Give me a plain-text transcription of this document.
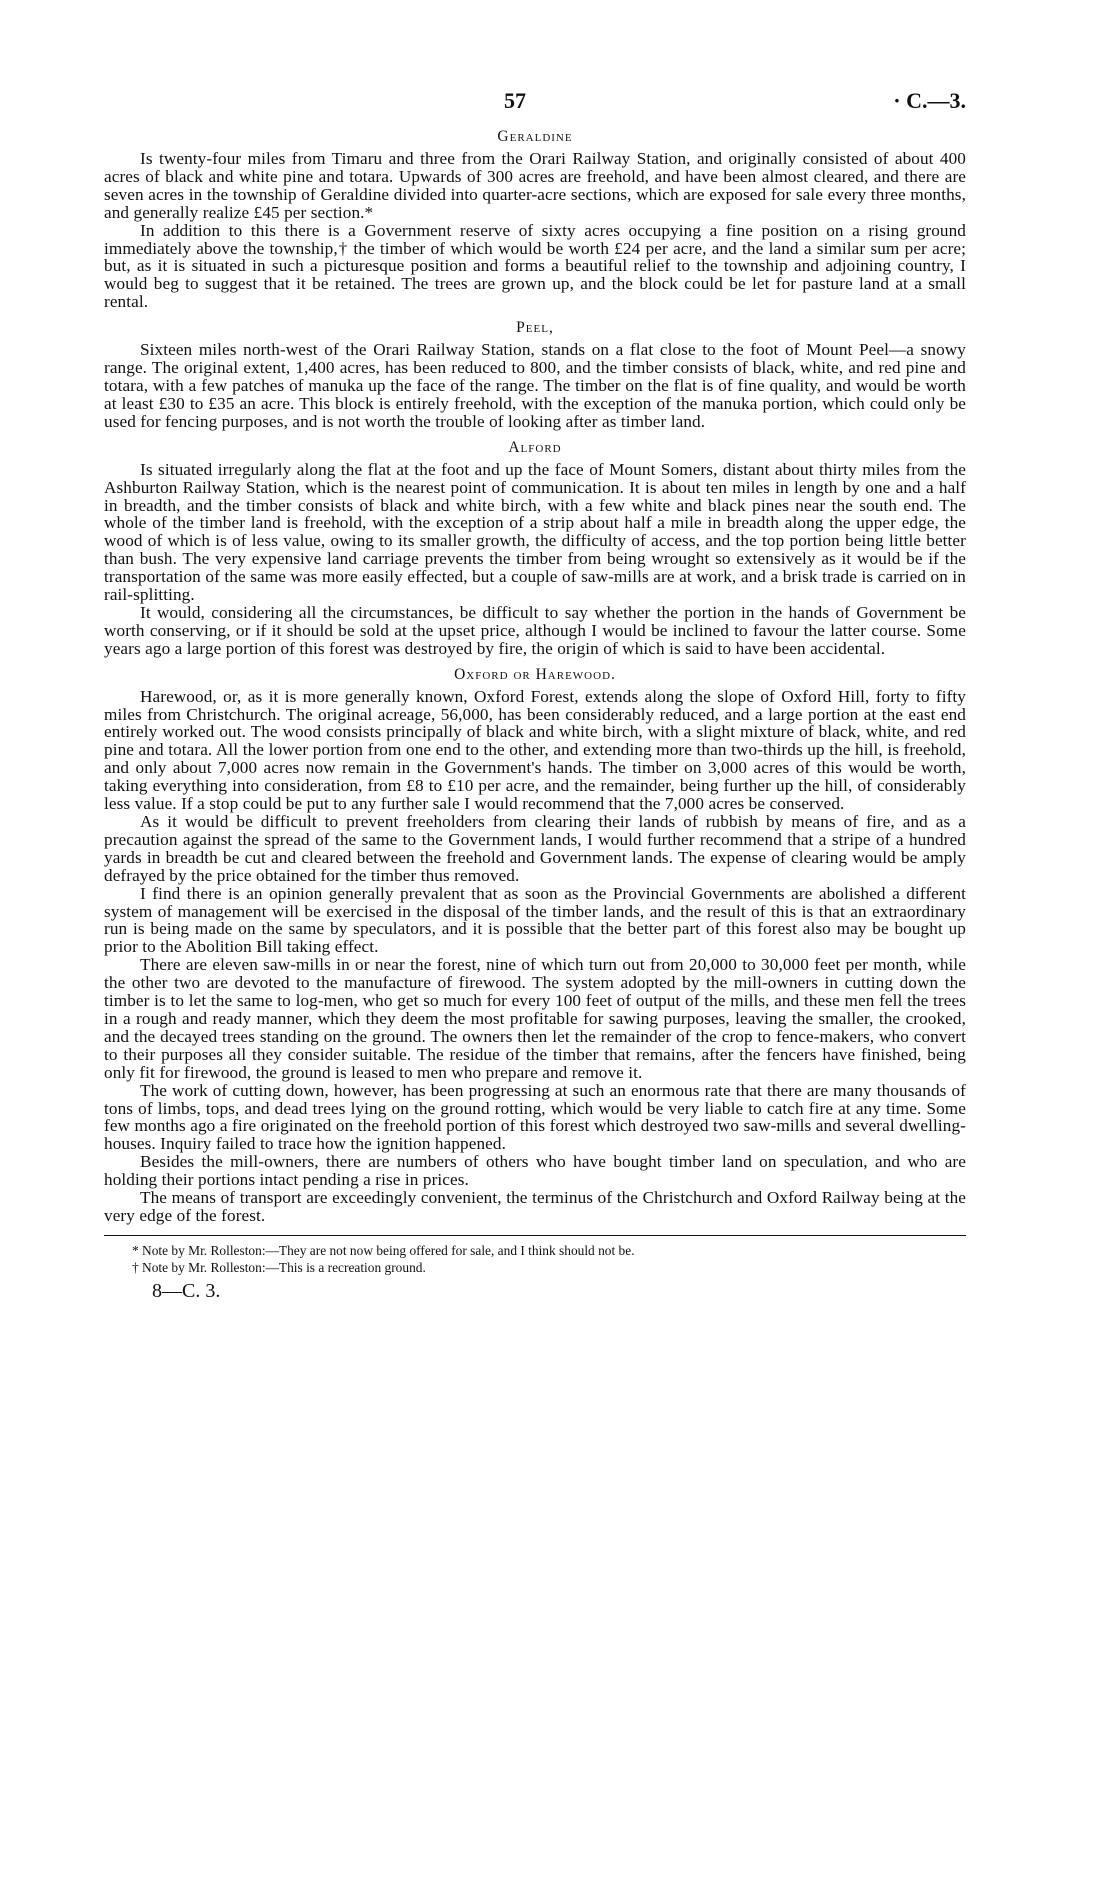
57	· C.—3.
Geraldine

Is twenty-four miles from Timaru and three from the Orari Railway Station, and originally consisted of about 400 acres of black and white pine and totara. Upwards of 300 acres are freehold, and have been almost cleared, and there are seven acres in the township of Geraldine divided into quarter-acre sections, which are exposed for sale every three months, and generally realize £45 per section.*

In addition to this there is a Government reserve of sixty acres occupying a fine position on a rising ground immediately above the township,† the timber of which would be worth £24 per acre, and the land a similar sum per acre; but, as it is situated in such a picturesque position and forms a beautiful relief to the township and adjoining country, I would beg to suggest that it be retained. The trees are grown up, and the block could be let for pasture land at a small rental.

Peel,

Sixteen miles north-west of the Orari Railway Station, stands on a flat close to the foot of Mount Peel—a snowy range. The original extent, 1,400 acres, has been reduced to 800, and the timber consists of black, white, and red pine and totara, with a few patches of manuka up the face of the range. The timber on the flat is of fine quality, and would be worth at least £30 to £35 an acre. This block is entirely freehold, with the exception of the manuka portion, which could only be used for fencing purposes, and is not worth the trouble of looking after as timber land.

Alford

Is situated irregularly along the flat at the foot and up the face of Mount Somers, distant about thirty miles from the Ashburton Railway Station, which is the nearest point of communication. It is about ten miles in length by one and a half in breadth, and the timber consists of black and white birch, with a few white and black pines near the south end. The whole of the timber land is freehold, with the exception of a strip about half a mile in breadth along the upper edge, the wood of which is of less value, owing to its smaller growth, the difficulty of access, and the top portion being little better than bush. The very expensive land carriage prevents the timber from being wrought so extensively as it would be if the transportation of the same was more easily effected, but a couple of saw-mills are at work, and a brisk trade is carried on in rail-splitting.

It would, considering all the circumstances, be difficult to say whether the portion in the hands of Government be worth conserving, or if it should be sold at the upset price, although I would be inclined to favour the latter course. Some years ago a large portion of this forest was destroyed by fire, the origin of which is said to have been accidental.

Oxford or Harewood.

Harewood, or, as it is more generally known, Oxford Forest, extends along the slope of Oxford Hill, forty to fifty miles from Christchurch. The original acreage, 56,000, has been considerably reduced, and a large portion at the east end entirely worked out. The wood consists principally of black and white birch, with a slight mixture of black, white, and red pine and totara. All the lower portion from one end to the other, and extending more than two-thirds up the hill, is freehold, and only about 7,000 acres now remain in the Government's hands. The timber on 3,000 acres of this would be worth, taking everything into consideration, from £8 to £10 per acre, and the remainder, being further up the hill, of considerably less value. If a stop could be put to any further sale I would recommend that the 7,000 acres be conserved.

As it would be difficult to prevent freeholders from clearing their lands of rubbish by means of fire, and as a precaution against the spread of the same to the Government lands, I would further recommend that a stripe of a hundred yards in breadth be cut and cleared between the freehold and Government lands. The expense of clearing would be amply defrayed by the price obtained for the timber thus removed.

I find there is an opinion generally prevalent that as soon as the Provincial Governments are abolished a different system of management will be exercised in the disposal of the timber lands, and the result of this is that an extraordinary run is being made on the same by speculators, and it is possible that the better part of this forest also may be bought up prior to the Abolition Bill taking effect.

There are eleven saw-mills in or near the forest, nine of which turn out from 20,000 to 30,000 feet per month, while the other two are devoted to the manufacture of firewood. The system adopted by the mill-owners in cutting down the timber is to let the same to log-men, who get so much for every 100 feet of output of the mills, and these men fell the trees in a rough and ready manner, which they deem the most profitable for sawing purposes, leaving the smaller, the crooked, and the decayed trees standing on the ground. The owners then let the remainder of the crop to fence-makers, who convert to their purposes all they consider suitable. The residue of the timber that remains, after the fencers have finished, being only fit for firewood, the ground is leased to men who prepare and remove it.

The work of cutting down, however, has been progressing at such an enormous rate that there are many thousands of tons of limbs, tops, and dead trees lying on the ground rotting, which would be very liable to catch fire at any time. Some few months ago a fire originated on the freehold portion of this forest which destroyed two saw-mills and several dwelling-houses. Inquiry failed to trace how the ignition happened.

Besides the mill-owners, there are numbers of others who have bought timber land on speculation, and who are holding their portions intact pending a rise in prices.

The means of transport are exceedingly convenient, the terminus of the Christchurch and Oxford Railway being at the very edge of the forest.

* Note by Mr. Rolleston:—They are not now being offered for sale, and I think should not be.

† Note by Mr. Rolleston:—This is a recreation ground.

8—C. 3.
